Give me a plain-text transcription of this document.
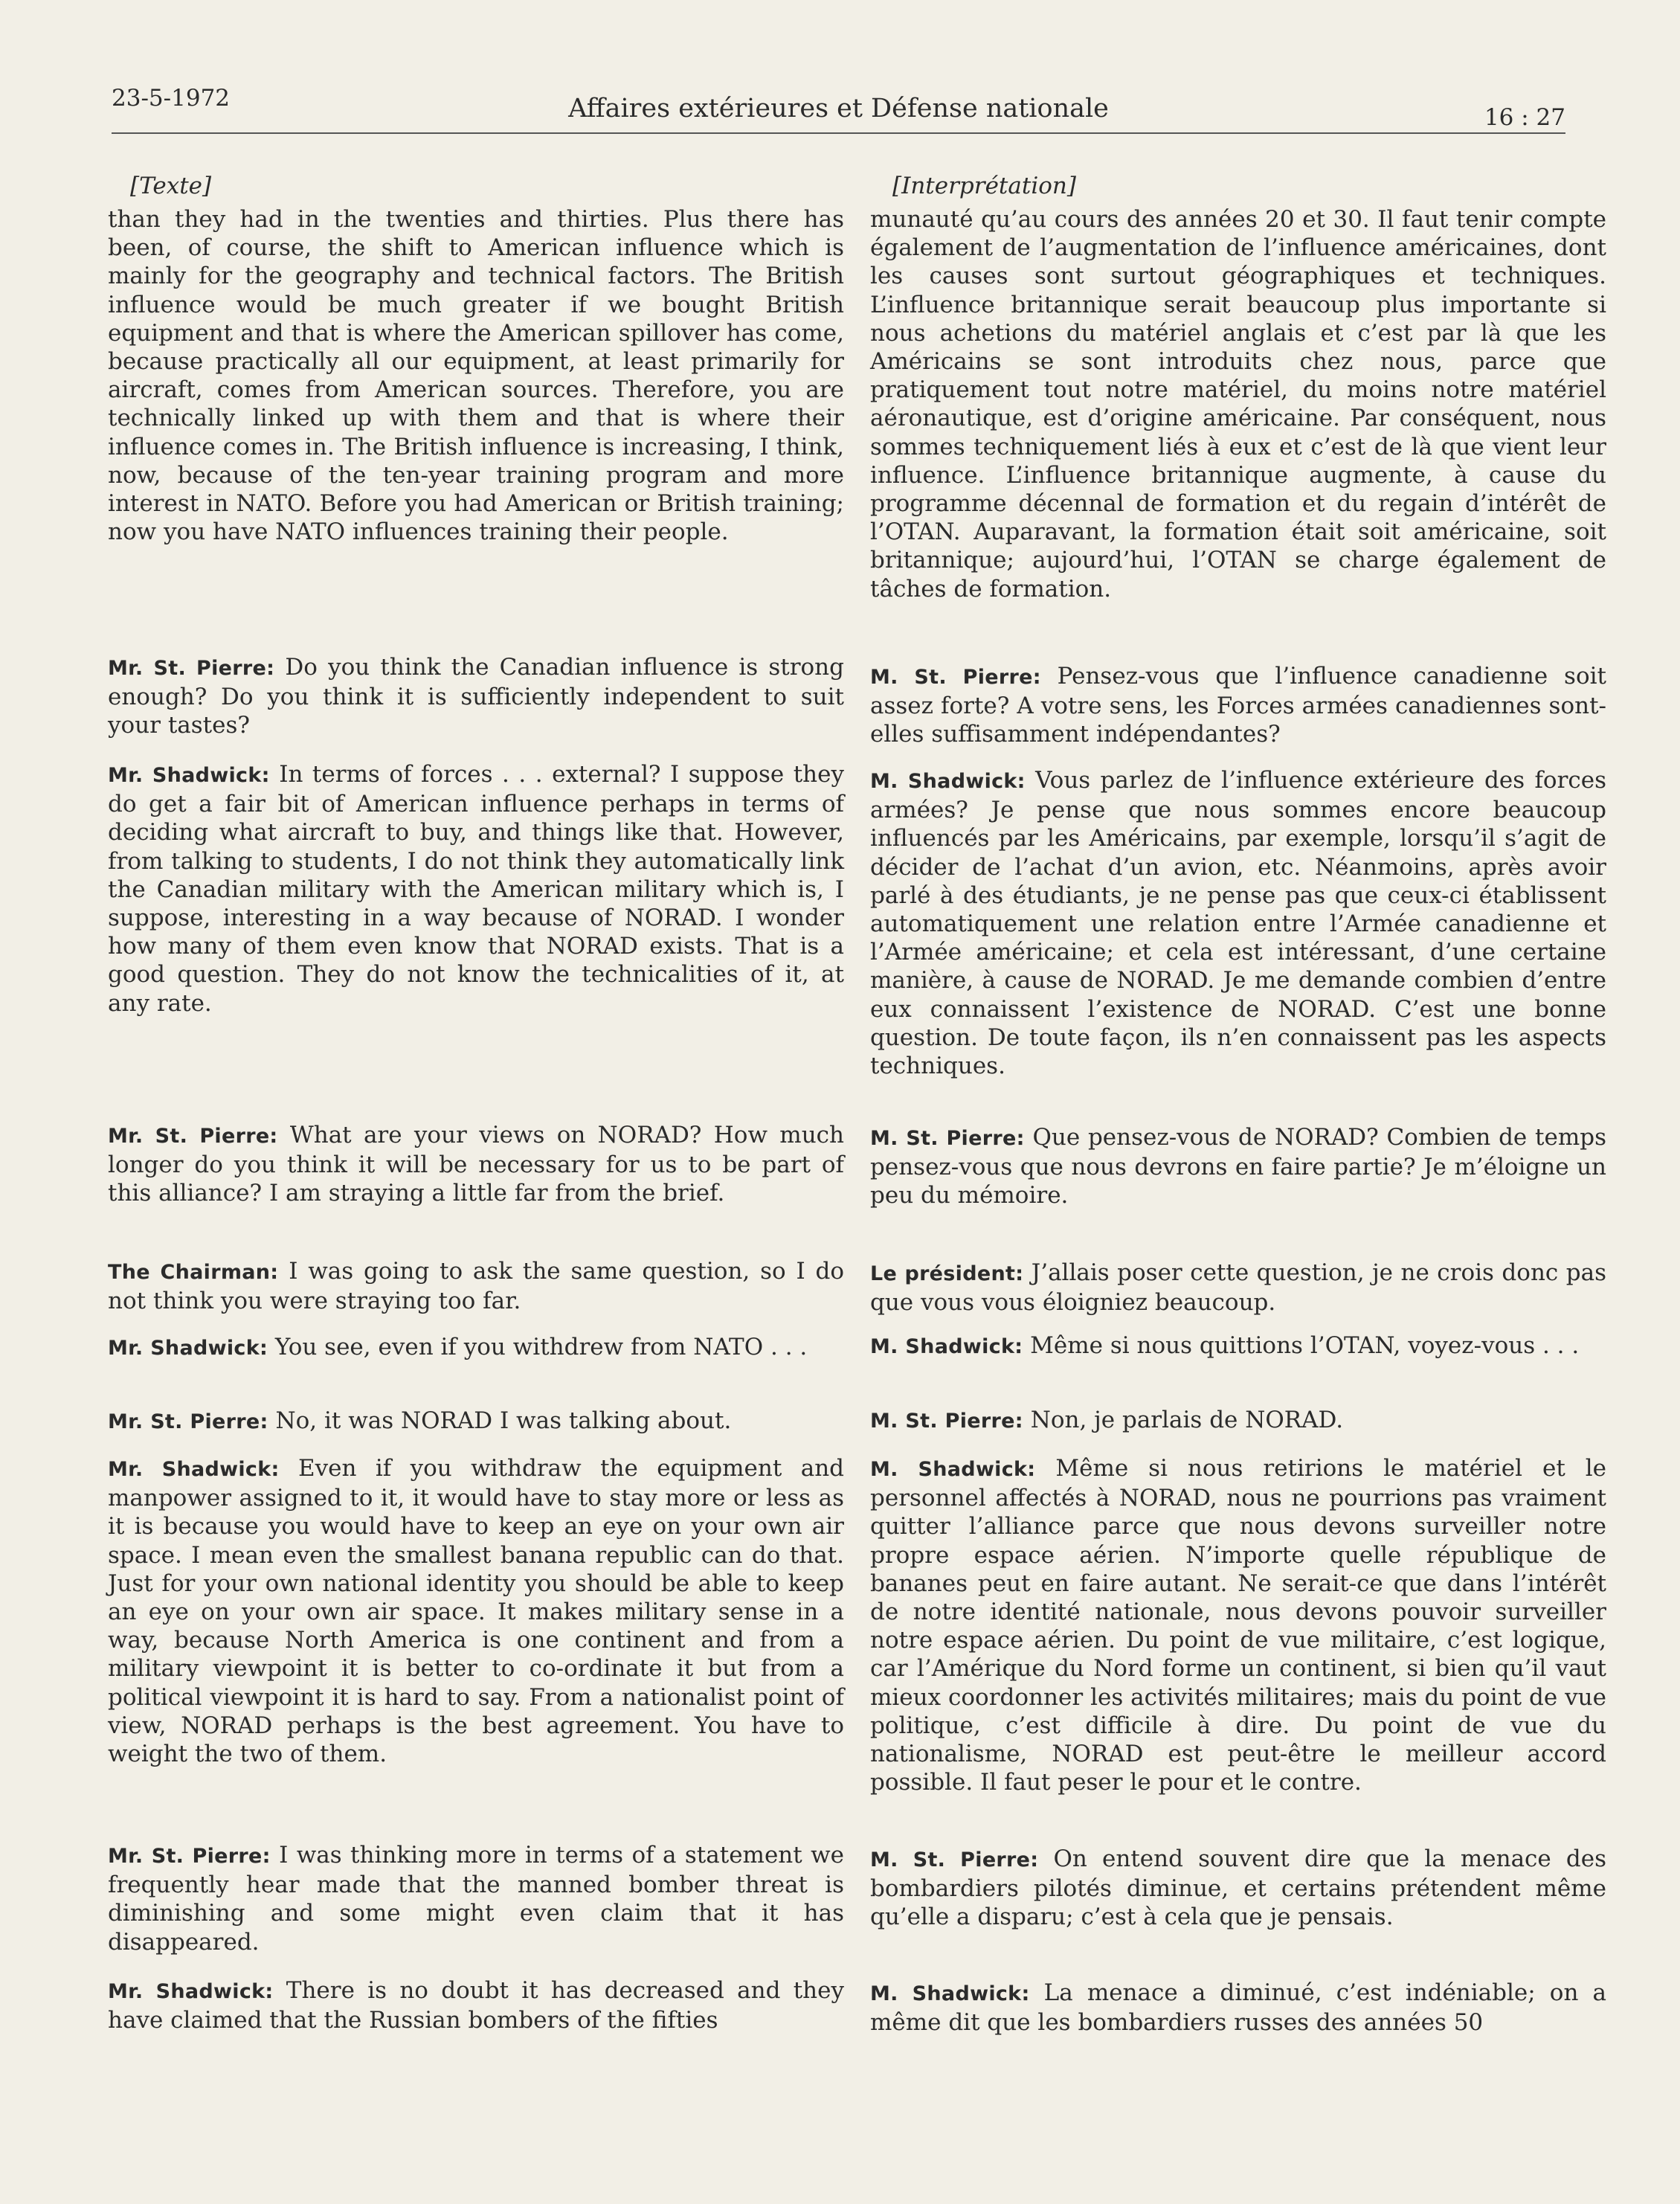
23-5-1972	Affaires extérieures et Défense nationale	16 : 27
[Texte]

than they had in the twenties and thirties. Plus there has been, of course, the shift to American influence which is mainly for the geography and technical factors. The British influence would be much greater if we bought British equipment and that is where the American spillover has come, because practically all our equipment, at least primarily for aircraft, comes from American sources. Therefore, you are technically linked up with them and that is where their influence comes in. The British influence is increasing, I think, now, because of the ten-year training program and more interest in NATO. Before you had American or British training; now you have NATO influences training their people.

Mr. St. Pierre: Do you think the Canadian influence is strong enough? Do you think it is sufficiently independent to suit your tastes?

Mr. Shadwick: In terms of forces . . . external? I suppose they do get a fair bit of American influence perhaps in terms of deciding what aircraft to buy, and things like that. However, from talking to students, I do not think they automatically link the Canadian military with the American military which is, I suppose, interesting in a way because of NORAD. I wonder how many of them even know that NORAD exists. That is a good question. They do not know the technicalities of it, at any rate.

Mr. St. Pierre: What are your views on NORAD? How much longer do you think it will be necessary for us to be part of this alliance? I am straying a little far from the brief.

The Chairman: I was going to ask the same question, so I do not think you were straying too far.

Mr. Shadwick: You see, even if you withdrew from NATO . . .

Mr. St. Pierre: No, it was NORAD I was talking about.

Mr. Shadwick: Even if you withdraw the equipment and manpower assigned to it, it would have to stay more or less as it is because you would have to keep an eye on your own air space. I mean even the smallest banana republic can do that. Just for your own national identity you should be able to keep an eye on your own air space. It makes military sense in a way, because North America is one continent and from a military viewpoint it is better to co-ordinate it but from a political viewpoint it is hard to say. From a nationalist point of view, NORAD perhaps is the best agreement. You have to weight the two of them.

Mr. St. Pierre: I was thinking more in terms of a statement we frequently hear made that the manned bomber threat is diminishing and some might even claim that it has disappeared.

Mr. Shadwick: There is no doubt it has decreased and they have claimed that the Russian bombers of the fifties

[Interprétation]

munauté qu’au cours des années 20 et 30. Il faut tenir compte également de l’augmentation de l’influence américaines, dont les causes sont surtout géographiques et techniques. L’influence britannique serait beaucoup plus importante si nous achetions du matériel anglais et c’est par là que les Américains se sont introduits chez nous, parce que pratiquement tout notre matériel, du moins notre matériel aéronautique, est d’origine américaine. Par conséquent, nous sommes techniquement liés à eux et c’est de là que vient leur influence. L’influence britannique augmente, à cause du programme décennal de formation et du regain d’intérêt de l’OTAN. Auparavant, la formation était soit américaine, soit britannique; aujourd’hui, l’OTAN se charge également de tâches de formation.

M. St. Pierre: Pensez-vous que l’influence canadienne soit assez forte? A votre sens, les Forces armées canadiennes sont-elles suffisamment indépendantes?

M. Shadwick: Vous parlez de l’influence extérieure des forces armées? Je pense que nous sommes encore beaucoup influencés par les Américains, par exemple, lorsqu’il s’agit de décider de l’achat d’un avion, etc. Néanmoins, après avoir parlé à des étudiants, je ne pense pas que ceux-ci établissent automatiquement une relation entre l’Armée canadienne et l’Armée américaine; et cela est intéressant, d’une certaine manière, à cause de NORAD. Je me demande combien d’entre eux connaissent l’existence de NORAD. C’est une bonne question. De toute façon, ils n’en connaissent pas les aspects techniques.

M. St. Pierre: Que pensez-vous de NORAD? Combien de temps pensez-vous que nous devrons en faire partie? Je m’éloigne un peu du mémoire.

Le président: J’allais poser cette question, je ne crois donc pas que vous vous éloigniez beaucoup.

M. Shadwick: Même si nous quittions l’OTAN, voyez-vous . . .

M. St. Pierre: Non, je parlais de NORAD.

M. Shadwick: Même si nous retirions le matériel et le personnel affectés à NORAD, nous ne pourrions pas vraiment quitter l’alliance parce que nous devons surveiller notre propre espace aérien. N’importe quelle république de bananes peut en faire autant. Ne serait-ce que dans l’intérêt de notre identité nationale, nous devons pouvoir surveiller notre espace aérien. Du point de vue militaire, c’est logique, car l’Amérique du Nord forme un continent, si bien qu’il vaut mieux coordonner les activités militaires; mais du point de vue politique, c’est difficile à dire. Du point de vue du nationalisme, NORAD est peut-être le meilleur accord possible. Il faut peser le pour et le contre.

M. St. Pierre: On entend souvent dire que la menace des bombardiers pilotés diminue, et certains prétendent même qu’elle a disparu; c’est à cela que je pensais.

M. Shadwick: La menace a diminué, c’est indéniable; on a même dit que les bombardiers russes des années 50
